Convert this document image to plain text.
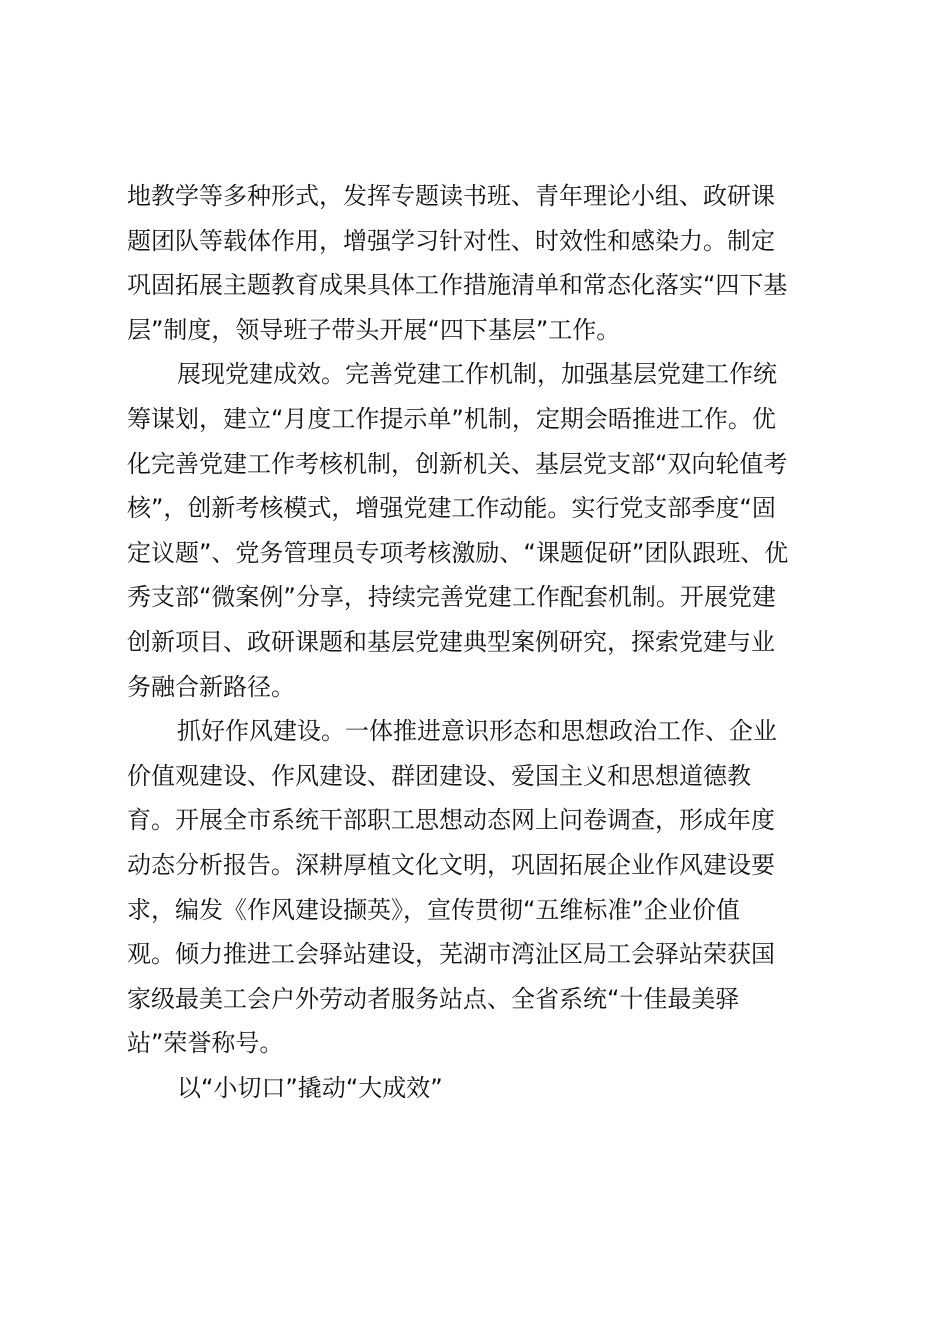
地教学等多种形式，发挥专题读书班、青年理论小组、政研课
题团队等载体作用，增强学习针对性、时效性和感染力。制定
巩固拓展主题教育成果具体工作措施清单和常态化落实“四下基
层”制度，领导班子带头开展“四下基层”工作。
展现党建成效。完善党建工作机制，加强基层党建工作统
筹谋划，建立“月度工作提示单”机制，定期会晤推进工作。优
化完善党建工作考核机制，创新机关、基层党支部“双向轮值考
核”，创新考核模式，增强党建工作动能。实行党支部季度“固
定议题”、党务管理员专项考核激励、“课题促研”团队跟班、优
秀支部“微案例”分享，持续完善党建工作配套机制。开展党建
创新项目、政研课题和基层党建典型案例研究，探索党建与业
务融合新路径。
抓好作风建设。一体推进意识形态和思想政治工作、企业
价值观建设、作风建设、群团建设、爱国主义和思想道德教
育。开展全市系统干部职工思想动态网上问卷调查，形成年度
动态分析报告。深耕厚植文化文明，巩固拓展企业作风建设要
求，编发《作风建设撷英》，宣传贯彻“五维标准”企业价值
观。倾力推进工会驿站建设，芜湖市湾沚区局工会驿站荣获国
家级最美工会户外劳动者服务站点、全省系统“十佳最美驿
站”荣誉称号。
以“小切口”撬动“大成效”
